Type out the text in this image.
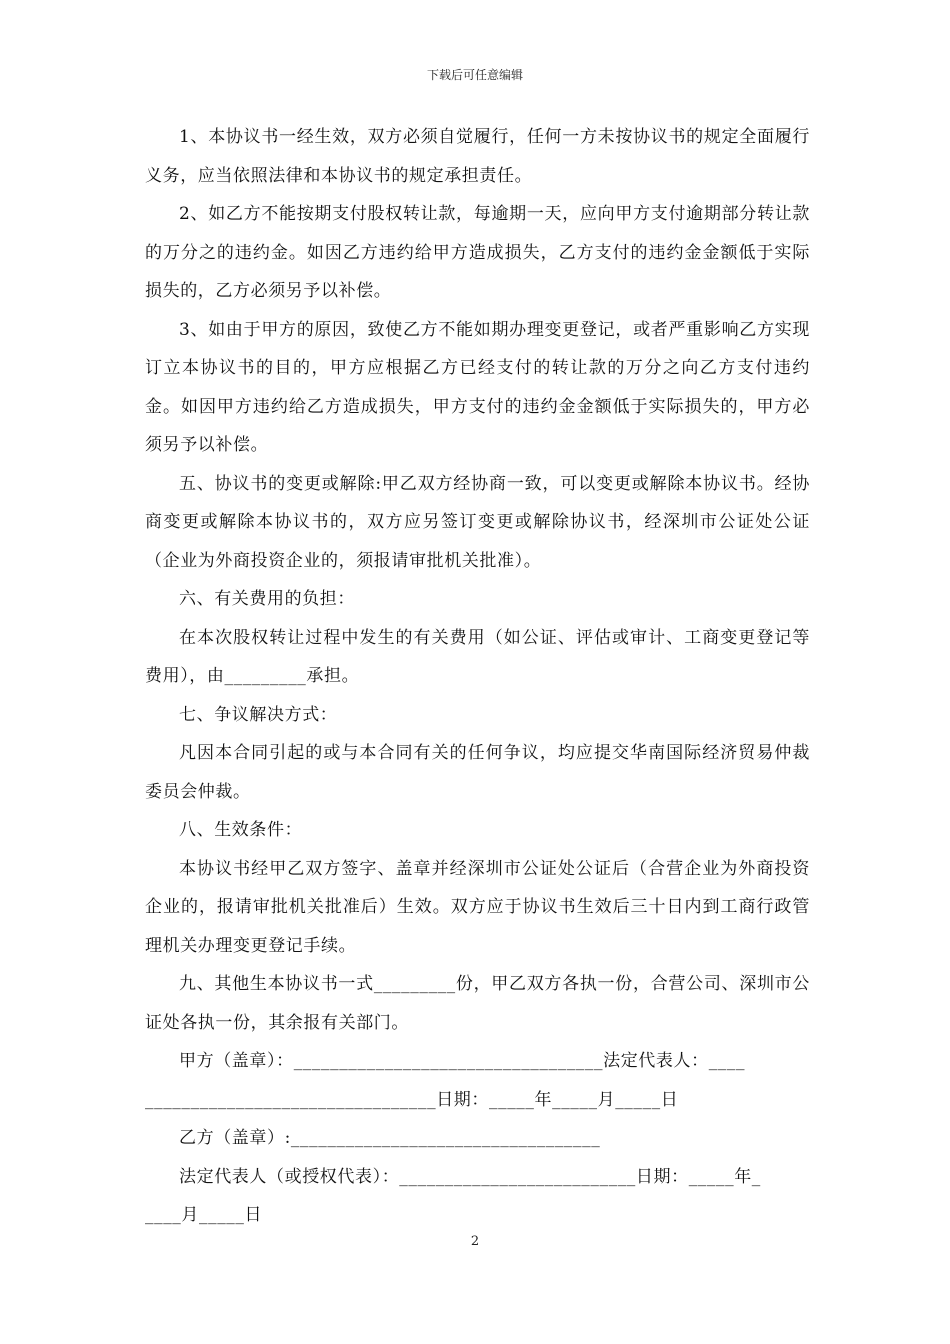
下载后可任意编辑

1、本协议书一经生效，双方必须自觉履行，任何一方未按协议书的规定全面履行义务，应当依照法律和本协议书的规定承担责任。

2、如乙方不能按期支付股权转让款，每逾期一天，应向甲方支付逾期部分转让款的万分之的违约金。如因乙方违约给甲方造成损失，乙方支付的违约金金额低于实际损失的，乙方必须另予以补偿。

3、如由于甲方的原因，致使乙方不能如期办理变更登记，或者严重影响乙方实现订立本协议书的目的，甲方应根据乙方已经支付的转让款的万分之向乙方支付违约金。如因甲方违约给乙方造成损失，甲方支付的违约金金额低于实际损失的，甲方必须另予以补偿。

五、协议书的变更或解除:甲乙双方经协商一致，可以变更或解除本协议书。经协商变更或解除本协议书的，双方应另签订变更或解除协议书，经深圳市公证处公证（企业为外商投资企业的，须报请审批机关批准）。

六、有关费用的负担：

在本次股权转让过程中发生的有关费用（如公证、评估或审计、工商变更登记等费用），由_________承担。

七、争议解决方式：

凡因本合同引起的或与本合同有关的任何争议，均应提交华南国际经济贸易仲裁委员会仲裁。

八、生效条件：

本协议书经甲乙双方签字、盖章并经深圳市公证处公证后（合营企业为外商投资企业的，报请审批机关批准后）生效。双方应于协议书生效后三十日内到工商行政管理机关办理变更登记手续。

九、其他生本协议书一式_________份，甲乙双方各执一份，合营公司、深圳市公证处各执一份，其余报有关部门。

甲方（盖章）：__________________________________法定代表人：____
________________________________日期：_____年_____月_____日
乙方（盖章）:__________________________________
法定代表人（或授权代表）：__________________________日期：_____年_
____月_____日
2
